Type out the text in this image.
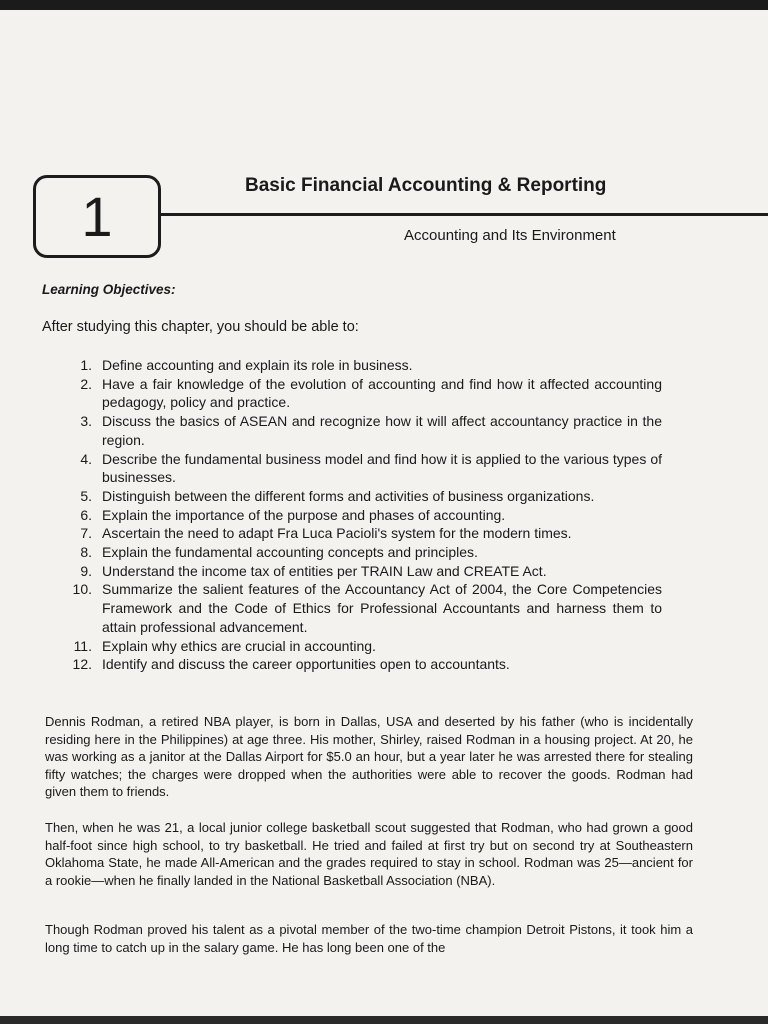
1	Basic Financial Accounting & Reporting
Accounting and Its Environment
Learning Objectives:
After studying this chapter, you should be able to:
1. Define accounting and explain its role in business.
2. Have a fair knowledge of the evolution of accounting and find how it affected accounting pedagogy, policy and practice.
3. Discuss the basics of ASEAN and recognize how it will affect accountancy practice in the region.
4. Describe the fundamental business model and find how it is applied to the various types of businesses.
5. Distinguish between the different forms and activities of business organizations.
6. Explain the importance of the purpose and phases of accounting.
7. Ascertain the need to adapt Fra Luca Pacioli's system for the modern times.
8. Explain the fundamental accounting concepts and principles.
9. Understand the income tax of entities per TRAIN Law and CREATE Act.
10. Summarize the salient features of the Accountancy Act of 2004, the Core Competencies Framework and the Code of Ethics for Professional Accountants and harness them to attain professional advancement.
11. Explain why ethics are crucial in accounting.
12. Identify and discuss the career opportunities open to accountants.

Dennis Rodman, a retired NBA player, is born in Dallas, USA and deserted by his father (who is incidentally residing here in the Philippines) at age three. His mother, Shirley, raised Rodman in a housing project. At 20, he was working as a janitor at the Dallas Airport for $5.0 an hour, but a year later he was arrested there for stealing fifty watches; the charges were dropped when the authorities were able to recover the goods. Rodman had given them to friends.

Then, when he was 21, a local junior college basketball scout suggested that Rodman, who had grown a good half-foot since high school, to try basketball. He tried and failed at first try but on second try at Southeastern Oklahoma State, he made All-American and the grades required to stay in school. Rodman was 25—ancient for a rookie—when he finally landed in the National Basketball Association (NBA).

Though Rodman proved his talent as a pivotal member of the two-time champion Detroit Pistons, it took him a long time to catch up in the salary game. He has long been one of the
